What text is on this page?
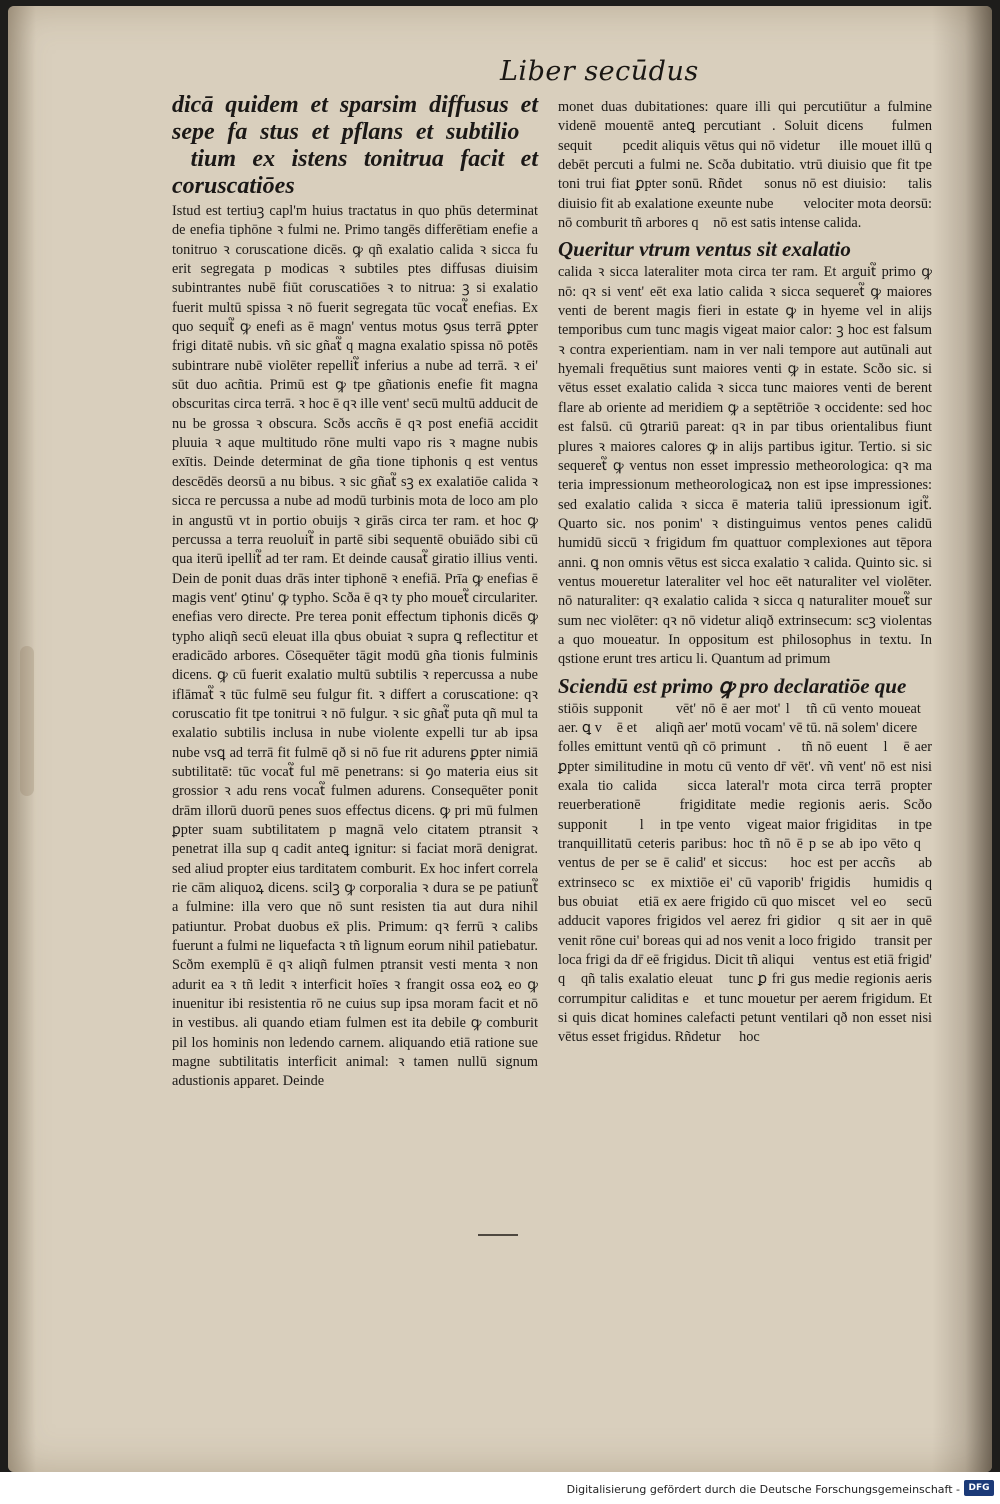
Liber secūdus

dicā quidem et sparsim diffusus et sepe fa stus et pflans et subtilio᷑ ꝑtium ex istens tonitrua facit et coruscatiōes

Istud est tertiuꝫ capl'm huius tractatus in quo phūs determinat de enefia tiphōne ꝛ fulmi ne. Primo tangēs differētiam enefie a tonitruo ꝛ coruscatione dicēs. ꝙ qñ exalatio calida ꝛ sicca fu erit segregata p modicas ꝛ subtiles ptes diffusas diuisim subintrantes nubē fiūt coruscatiōes ꝛ to nitrua: ꝫ si exalatio fuerit multū spissa ꝛ nō fuerit segregata tūc vocat᷑ enefias. Ex quo sequit᷑ ꝙ enefi as ē magn' ventus motus ꝯsus terrā ꝑpter frigi ditatē nubis. vñ sic gñat᷑ q magna exalatio spissa nō potēs subintrare nubē violēter repellit᷑ inferius a nube ad terrā. ꝛ ei' sūt duo acñtia. Primū est ꝙ tpe gñationis enefie fit magna obscuritas circa terrā. ꝛ hoc ē qꝛ ille vent' secū multū adducit de nu be grossa ꝛ obscura. Scðs accñs ē qꝛ post enefiā accidit pluuia ꝛ aque multitudo rōne multi vapo ris ꝛ magne nubis exītis. Deinde determinat de gña tione tiphonis q est ventus descēdēs deorsū a nu bibus. ꝛ sic gñat᷑ sꝫ ex exalatiōe calida ꝛ sicca re percussa a nube ad modū turbinis mota de loco am plo in angustū vt in portio obuijs ꝛ girās circa ter ram. et hoc ꝙ percussa a terra reuoluit᷑ in partē sibi sequentē obuiādo sibi cū qua iterū ipellit᷑ ad ter ram. Et deinde causat᷑ giratio illius venti. Dein de ponit duas drās inter tiphonē ꝛ enefiā. Prīa ꝙ enefias ē magis vent' ꝯtinu' ꝙ typho. Scða ē qꝛ ty pho mouet᷑ circulariter. enefias vero directe. Pre terea ponit effectum tiphonis dicēs ꝙ typho aliqñ secū eleuat illa qbus obuiat ꝛ supra ꝗ reflectitur et eradicādo arbores. Cōsequēter tāgit modū gña tionis fulminis dicens. ꝙ cū fuerit exalatio multū subtilis ꝛ repercussa a nube iflāmat᷑ ꝛ tūc fulmē seu fulgur fit. ꝛ differt a coruscatione: qꝛ coruscatio fit tpe tonitrui ꝛ nō fulgur. ꝛ sic gñat᷑ puta qñ mul ta exalatio subtilis inclusa in nube violente expelli tur ab ipsa nube vsꝗ ad terrā fit fulmē qð si nō fue rit adurens ꝑpter nimiā subtilitatē: tūc vocat᷑ ful mē penetrans: si ꝯo materia eius sit grossior ꝛ adu rens vocat᷑ fulmen adurens. Consequēter ponit drām illorū duorū penes suos effectus dicens. ꝙ pri mū fulmen ꝑpter suam subtilitatem p magnā velo citatem ptransit ꝛ penetrat illa sup q cadit anteꝗ ignitur: si faciat morā denigrat. sed aliud propter eius tarditatem comburit. Ex hoc infert correla rie cām aliquoꝝ dicens. scilꝫ ꝙ corporalia ꝛ dura se pe patiunt᷑ a fulmine: illa vero que nō sunt resisten tia aut dura nihil patiuntur. Probat duobus ex̄ plis. Primum: qꝛ ferrū ꝛ calibs fuerunt a fulmi ne liquefacta ꝛ tñ lignum eorum nihil patiebatur. Scðm exemplū ē qꝛ aliqñ fulmen ptransit vesti menta ꝛ non adurit ea ꝛ tñ ledit ꝛ interficit hoīes ꝛ frangit ossa eoꝝ eo ꝙ inuenitur ibi resistentia rō ne cuius sup ipsa moram facit et nō in vestibus. ali quando etiam fulmen est ita debile ꝙ comburit pil los hominis non ledendo carnem. aliquando etiā ratione sue magne subtilitatis interficit animal: ꝛ tamen nullū signum adustionis apparet. Deinde

monet duas dubitationes: quare illi qui percutiūtur a fulmine videnē mouentē anteꝗ percutiant᷑. Soluit dicens ꝙ fulmen sequit᷑ ꝛ pcedit aliquis vētus qui nō videtur ꝛ ille mouet illū q debēt percuti a fulmi ne. Scða dubitatio. vtrū diuisio que fit tpe toni trui fiat ꝑpter sonū. Rñdet ꝙ sonus nō est diuisio: ꝫ talis diuisio fit ab exalatione exeunte nubeꝫ ꝛ velociter mota deorsū: nō comburit tñ arbores qꝛ nō est satis intense calida.

Queritur vtrum ventus sit exalatio

calida ꝛ sicca lateraliter mota circa ter ram. Et arguit᷑ primo ꝙ nō: qꝛ si vent' eēt exa latio calida ꝛ sicca sequeret᷑ ꝙ maiores venti de berent magis fieri in estate ꝙ in hyeme vel in alijs temporibus cum tunc magis vigeat maior calor: ꝫ hoc est falsum ꝛ contra experientiam. nam in ver nali tempore aut autūnali aut hyemali frequētius sunt maiores venti ꝙ in estate. Scðo sic. si vētus esset exalatio calida ꝛ sicca tunc maiores venti de berent flare ab oriente ad meridiem ꝙ a septētriōe ꝛ occidente: sed hoc est falsū. cū ꝯtrariū pareat: qꝛ in par tibus orientalibus fiunt plures ꝛ maiores calores ꝙ in alijs partibus igitur. Tertio. si sic sequeret᷑ ꝙ ventus non esset impressio metheorologica: qꝛ ma teria impressionum metheorologicaꝝ non est ipse impressiones: sed exalatio calida ꝛ sicca ē materia taliū ipressionum igit᷑. Quarto sic. nos ponim' ꝛ distinguimus ventos penes calidū humidū siccū ꝛ frigidum fm quattuor complexiones aut tēpora anni. ꝗ non omnis vētus est sicca exalatio ꝛ calida. Quinto sic. si ventus moueretur lateraliter vel hoc eēt naturaliter vel violēter. nō naturaliter: qꝛ exalatio calida ꝛ sicca q naturaliter mouet᷑ sur sum nec violēter: qꝛ nō videtur aliqð extrinsecum: scꝫ violentas a quo moueatur. In oppositum est philosophus in textu. In qstione erunt tres articu li. Quantum ad primum

Sciendū est primo ꝙ pro declaratiōe que

stiōis supponit᷑ ꝙ vēt' nō ē aer mot' lꝫ tñ cū vento moueat᷑ aer. ꝗ vꝫ ē et ꝙ aliqñ aer' motū vocam' vē tū. nā solem' dicere ꝙ folles emittunt ventū qñ cō primunt᷑. ꝛ tñ nō euent᷑ lꝫ ē aer ꝑpter similitudine in motu cū vento dr̄ vēt'. vñ vent' nō est nisi exala tio calida ꝛ sicca lateral'r mota circa terrā propter reuerberationē ꝛ frigiditate medie regionis aeris. Scðo supponit᷑ ꝙ lꝫ in tpe ventoꝝ vigeat maior frigiditas ꝙ in tpe tranquillitatū ceteris paribus: hoc tñ nō ē p se ab ipo vēto qꝛ ventus de per se ē calid' et siccus: ꝫ hoc est per accñs ꝛ ab extrinseco scꝫ ex mixtiōe ei' cū vaporib' frigidis ꝛ humidis q bus obuiat ꝛ etiā ex aere frigido cū quo miscet᷑ vel eo ꝙ secū adducit vapores frigidos vel aerez fri gidior᷑ q sit aer in quē venit rōne cui' boreas qui ad nos venit a loco frigido ꝛ transit per loca frigi da dr̄ eē frigidus. Dicit tñ aliqui ꝙ ventus est etiā frigid' qꝛ qñ talis exalatio eleuat᷑ tunc ꝑ fri gus medie regionis aeris corrumpitur caliditas e᷑ et tunc mouetur per aerem frigidum. Et si quis dicat homines calefacti petunt ventilari qð non esset nisi vētus esset frigidus. Rñdetur ꝙ hoc

Digitalisierung gefördert durch die Deutsche Forschungsgemeinschaft - DFG
